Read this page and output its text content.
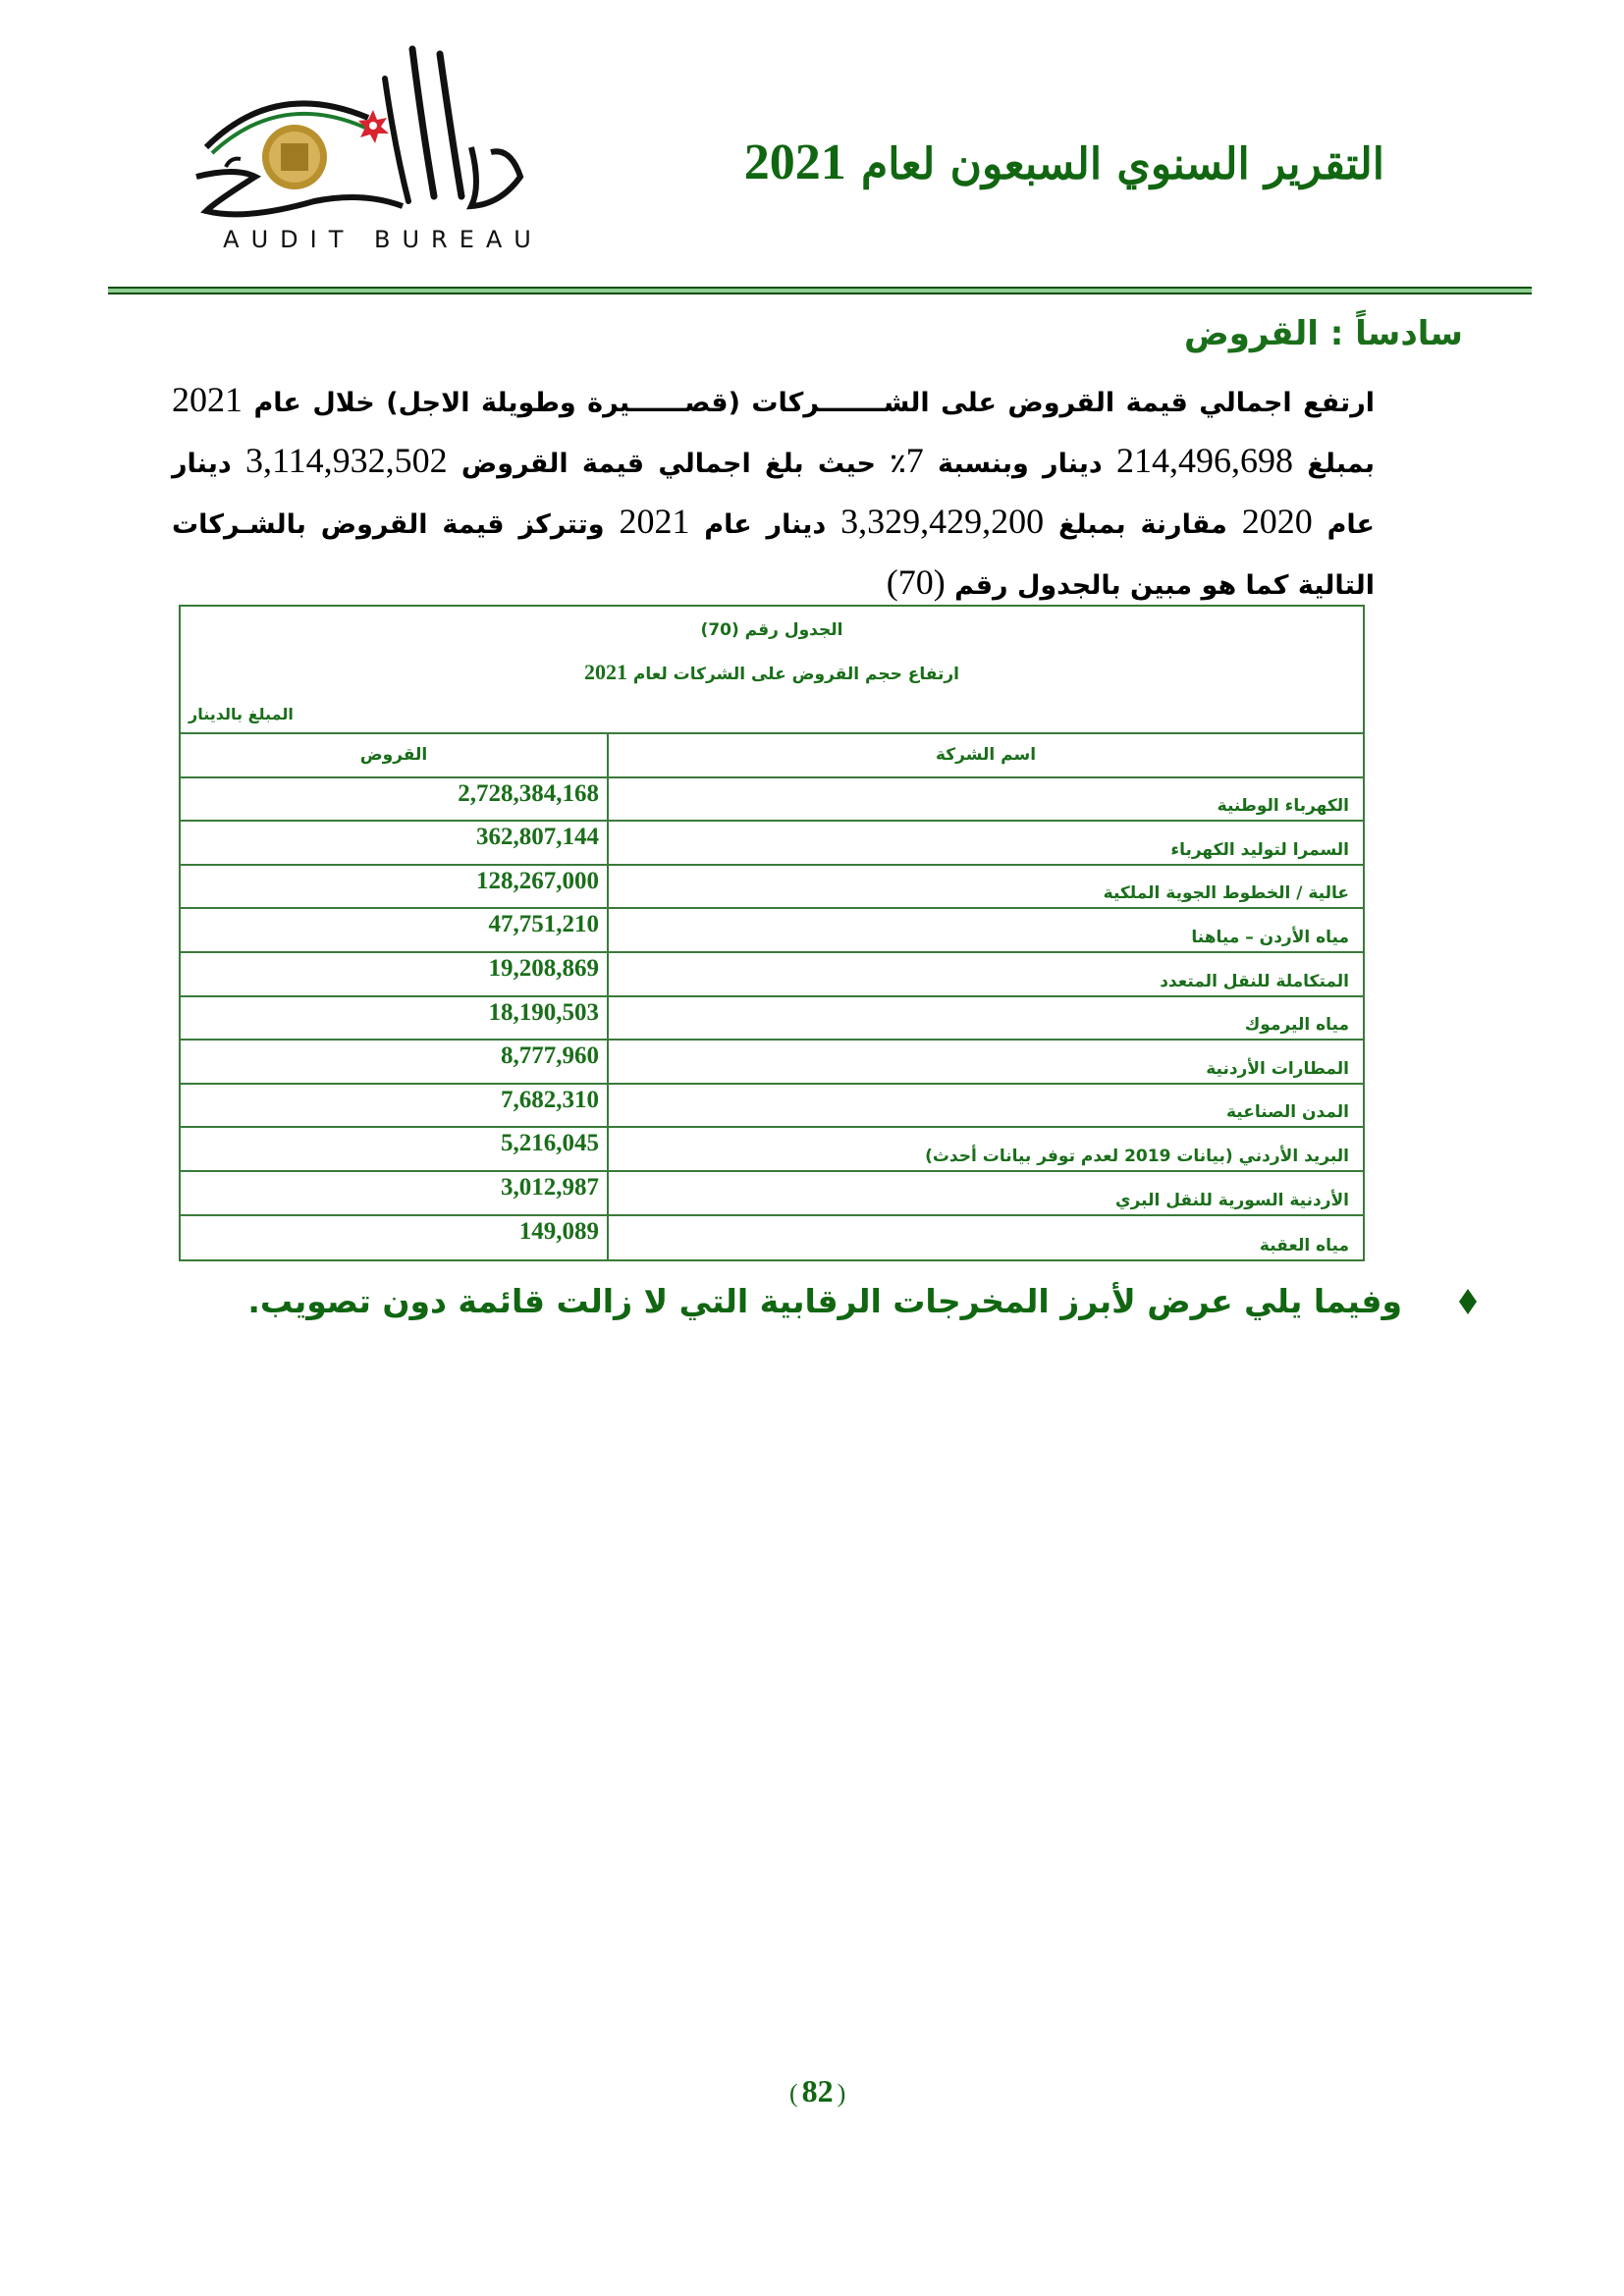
AUDIT BUREAU
التقرير السنوي السبعون لعام 2021
سادساً : القروض
ارتفع اجمالي قيمة القروض على الشـــــــركات (قصــــــيرة وطويلة الاجل) خلال عام 2021 بمبلغ 214,496,698 دينار وبنسبة 7٪ حيث بلغ اجمالي قيمة القروض 3,114,932,502 دينار عام 2020 مقارنة بمبلغ 3,329,429,200 دينار عام 2021 وتتركز قيمة القروض بالشـركات التالية كما هو مبين بالجدول رقم (70)
الجدول رقم (70)
ارتفاع حجم القروض على الشركات لعام 2021
المبلغ بالدينار
اسم الشركة
القروض
الكهرباء الوطنية
2,728,384,168
السمرا لتوليد الكهرباء
362,807,144
عالية / الخطوط الجوية الملكية
128,267,000
مياه الأردن – مياهنا
47,751,210
المتكاملة للنقل المتعدد
19,208,869
مياه اليرموك
18,190,503
المطارات الأردنية
8,777,960
المدن الصناعية
7,682,310
البريد الأردني (بيانات 2019 لعدم توفر بيانات أحدث)
5,216,045
الأردنية السورية للنقل البري
3,012,987
مياه العقبة
149,089
وفيما يلي عرض لأبرز المخرجات الرقابية التي لا زالت قائمة دون تصويب.
( 82 )
